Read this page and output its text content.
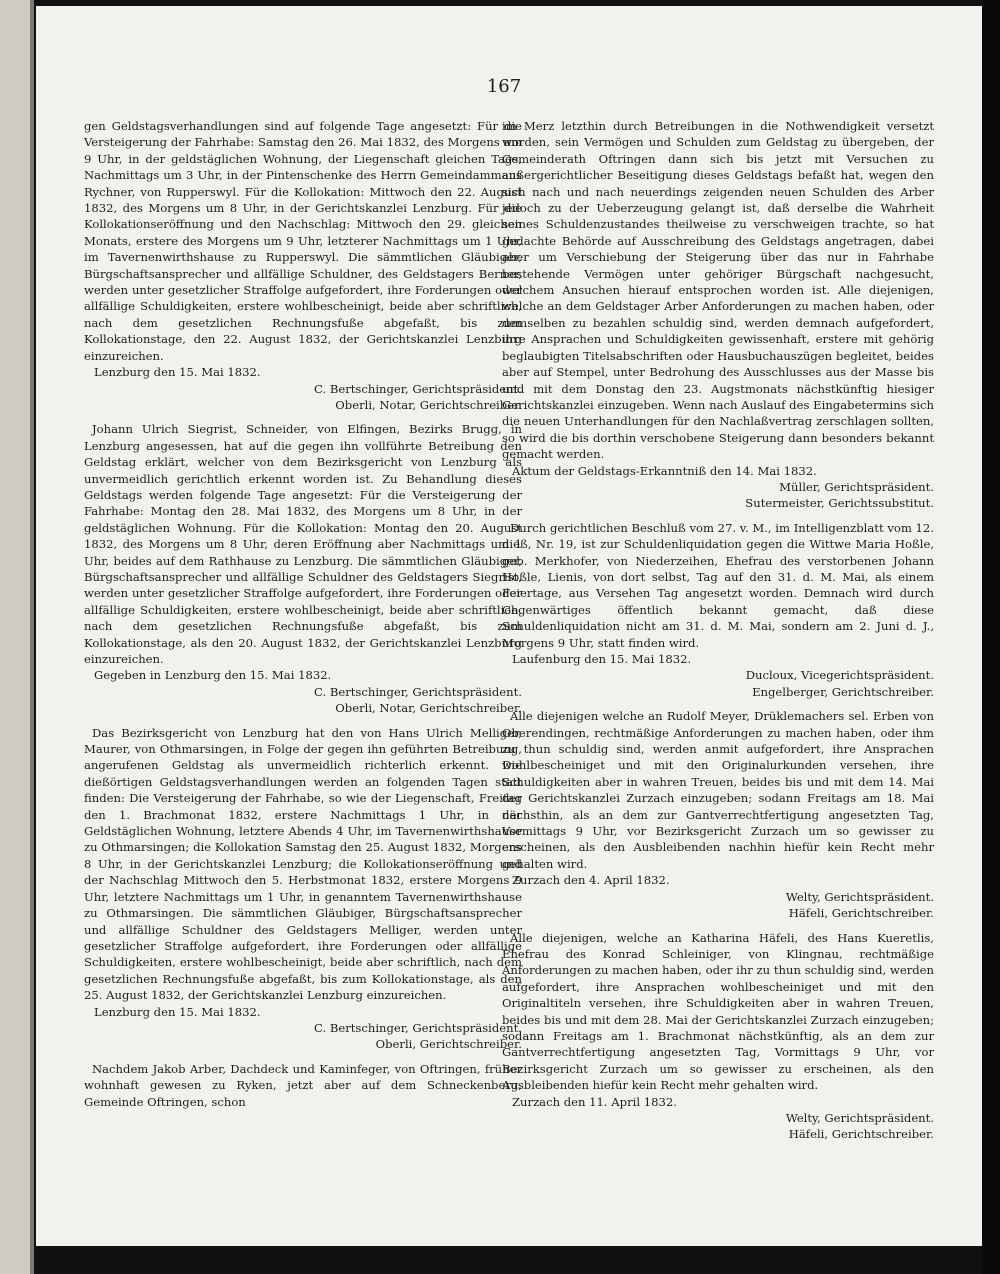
167

gen Geldstagsverhandlungen sind auf folgende Tage angesetzt: Für die Versteigerung der Fahrhabe: Samstag den 26. Mai 1832, des Morgens um 9 Uhr, in der geldstäglichen Wohnung, der Liegenschaft gleichen Tags, Nachmittags um 3 Uhr, in der Pintenschenke des Herrn Gemeindammans Rychner, von Rupperswyl. Für die Kollokation: Mittwoch den 22. August 1832, des Morgens um 8 Uhr, in der Gerichtskanzlei Lenzburg. Für die Kollokationseröffnung und den Nachschlag: Mittwoch den 29. gleichen Monats, erstere des Morgens um 9 Uhr, letzterer Nachmittags um 1 Uhr, im Tavernenwirthshause zu Rupperswyl. Die sämmtlichen Gläubiger, Bürgschaftsansprecher und allfällige Schuldner, des Geldstagers Berner, werden unter gesetzlicher Straffolge aufgefordert, ihre Forderungen oder allfällige Schuldigkeiten, erstere wohlbescheinigt, beide aber schriftlich, nach dem gesetzlichen Rechnungsfuße abgefaßt, bis zum Kollokationstage, den 22. August 1832, der Gerichtskanzlei Lenzburg einzureichen.

Lenzburg den 15. Mai 1832.

C. Bertschinger, Gerichtspräsident.

Oberli, Notar, Gerichtschreiber.

Johann Ulrich Siegrist, Schneider, von Elfingen, Bezirks Brugg, in Lenzburg angesessen, hat auf die gegen ihn vollführte Betreibung den Geldstag erklärt, welcher von dem Bezirksgericht von Lenzburg als unvermeidlich gerichtlich erkennt worden ist. Zu Behandlung dieses Geldstags werden folgende Tage angesetzt: Für die Versteigerung der Fahrhabe: Montag den 28. Mai 1832, des Morgens um 8 Uhr, in der geldstäglichen Wohnung. Für die Kollokation: Montag den 20. August 1832, des Morgens um 8 Uhr, deren Eröffnung aber Nachmittags um 1 Uhr, beides auf dem Rathhause zu Lenzburg. Die sämmtlichen Gläubiger, Bürgschaftsansprecher und allfällige Schuldner des Geldstagers Siegrist, werden unter gesetzlicher Straffolge aufgefordert, ihre Forderungen oder allfällige Schuldigkeiten, erstere wohlbescheinigt, beide aber schriftlich, nach dem gesetzlichen Rechnungsfuße abgefaßt, bis zum Kollokationstage, als den 20. August 1832, der Gerichtskanzlei Lenzburg einzureichen.

Gegeben in Lenzburg den 15. Mai 1832.

C. Bertschinger, Gerichtspräsident.

Oberli, Notar, Gerichtschreiber.

Das Bezirksgericht von Lenzburg hat den von Hans Ulrich Melliger, Maurer, von Othmarsingen, in Folge der gegen ihn geführten Betreibung, angerufenen Geldstag als unvermeidlich richterlich erkennt. Die dießörtigen Geldstagsverhandlungen werden an folgenden Tagen statt finden: Die Versteigerung der Fahrhabe, so wie der Liegenschaft, Freitag den 1. Brachmonat 1832, erstere Nachmittags 1 Uhr, in der Geldstäglichen Wohnung, letztere Abends 4 Uhr, im Tavernenwirthshause zu Othmarsingen; die Kollokation Samstag den 25. August 1832, Morgens 8 Uhr, in der Gerichtskanzlei Lenzburg; die Kollokationseröffnung und der Nachschlag Mittwoch den 5. Herbstmonat 1832, erstere Morgens 9 Uhr, letztere Nachmittags um 1 Uhr, in genanntem Tavernenwirthshause zu Othmarsingen. Die sämmtlichen Gläubiger, Bürgschaftsansprecher und allfällige Schuldner des Geldstagers Melliger, werden unter gesetzlicher Straffolge aufgefordert, ihre Forderungen oder allfällige Schuldigkeiten, erstere wohlbescheinigt, beide aber schriftlich, nach dem gesetzlichen Rechnungsfuße abgefaßt, bis zum Kollokationstage, als den 25. August 1832, der Gerichtskanzlei Lenzburg einzureichen.

Lenzburg den 15. Mai 1832.

C. Bertschinger, Gerichtspräsident.

Oberli, Gerichtschreiber.

Nachdem Jakob Arber, Dachdeck und Kaminfeger, von Oftringen, früher wohnhaft gewesen zu Ryken, jetzt aber auf dem Schneckenberg, Gemeinde Oftringen, schon

im Merz letzthin durch Betreibungen in die Nothwendigkeit versetzt worden, sein Vermögen und Schulden zum Geldstag zu übergeben, der Gemeinderath Oftringen dann sich bis jetzt mit Versuchen zu außergerichtlicher Beseitigung dieses Geldstags befaßt hat, wegen den sich nach und nach neuerdings zeigenden neuen Schulden des Arber jedoch zu der Ueberzeugung gelangt ist, daß derselbe die Wahrheit seines Schuldenzustandes theilweise zu verschweigen trachte, so hat gedachte Behörde auf Ausschreibung des Geldstags angetragen, dabei aber um Verschiebung der Steigerung über das nur in Fahrhabe bestehende Vermögen unter gehöriger Bürgschaft nachgesucht, welchem Ansuchen hierauf entsprochen worden ist. Alle diejenigen, welche an dem Geldstager Arber Anforderungen zu machen haben, oder demselben zu bezahlen schuldig sind, werden demnach aufgefordert, ihre Ansprachen und Schuldigkeiten gewissenhaft, erstere mit gehörig beglaubigten Titelsabschriften oder Hausbuchauszügen begleitet, beides aber auf Stempel, unter Bedrohung des Ausschlusses aus der Masse bis und mit dem Donstag den 23. Augstmonats nächstkünftig hiesiger Gerichtskanzlei einzugeben. Wenn nach Auslauf des Eingabetermins sich die neuen Unterhandlungen für den Nachlaßvertrag zerschlagen sollten, so wird die bis dorthin verschobene Steigerung dann besonders bekannt gemacht werden.

Aktum der Geldstags-Erkanntniß den 14. Mai 1832.

Müller, Gerichtspräsident.

Sutermeister, Gerichtssubstitut.

Durch gerichtlichen Beschluß vom 27. v. M., im Intelligenzblatt vom 12. dieß, Nr. 19, ist zur Schuldenliquidation gegen die Wittwe Maria Hoßle, geb. Merkhofer, von Niederzeihen, Ehefrau des verstorbenen Johann Hoßle, Lienis, von dort selbst, Tag auf den 31. d. M. Mai, als einem Feiertage, aus Versehen Tag angesetzt worden. Demnach wird durch Gegenwärtiges öffentlich bekannt gemacht, daß diese Schuldenliquidation nicht am 31. d. M. Mai, sondern am 2. Juni d. J., Morgens 9 Uhr, statt finden wird.

Laufenburg den 15. Mai 1832.

Ducloux, Vicegerichtspräsident.

Engelberger, Gerichtschreiber.

Alle diejenigen welche an Rudolf Meyer, Drüklemachers sel. Erben von Oberendingen, rechtmäßige Anforderungen zu machen haben, oder ihm zu thun schuldig sind, werden anmit aufgefordert, ihre Ansprachen wohlbescheiniget und mit den Originalurkunden versehen, ihre Schuldigkeiten aber in wahren Treuen, beides bis und mit dem 14. Mai der Gerichtskanzlei Zurzach einzugeben; sodann Freitags am 18. Mai nächsthin, als an dem zur Gantverrechtfertigung angesetzten Tag, Vormittags 9 Uhr, vor Bezirksgericht Zurzach um so gewisser zu erscheinen, als den Ausbleibenden nachhin hiefür kein Recht mehr gehalten wird.

Zurzach den 4. April 1832.

Welty, Gerichtspräsident.

Häfeli, Gerichtschreiber.

Alle diejenigen, welche an Katharina Häfeli, des Hans Kueretlis, Ehefrau des Konrad Schleiniger, von Klingnau, rechtmäßige Anforderungen zu machen haben, oder ihr zu thun schuldig sind, werden aufgefordert, ihre Ansprachen wohlbescheiniget und mit den Originaltiteln versehen, ihre Schuldigkeiten aber in wahren Treuen, beides bis und mit dem 28. Mai der Gerichtskanzlei Zurzach einzugeben; sodann Freitags am 1. Brachmonat nächstkünftig, als an dem zur Gantverrechtfertigung angesetzten Tag, Vormittags 9 Uhr, vor Bezirksgericht Zurzach um so gewisser zu erscheinen, als den Ausbleibenden hiefür kein Recht mehr gehalten wird.

Zurzach den 11. April 1832.

Welty, Gerichtspräsident.

Häfeli, Gerichtschreiber.
